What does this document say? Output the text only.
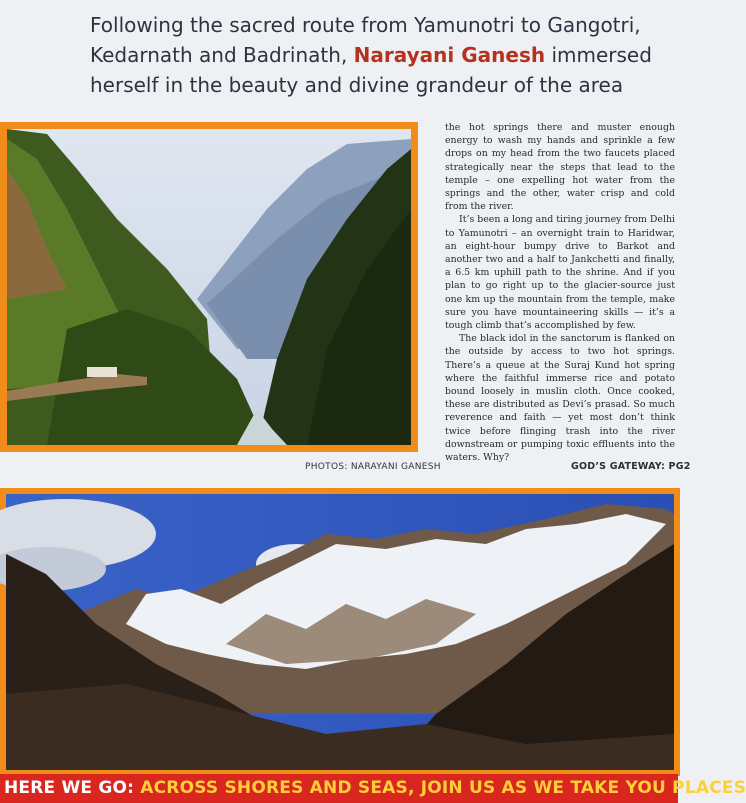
Following the sacred route from Yamunotri to Gangotri, Kedarnath and Badrinath, Narayani Ganesh immersed herself in the beauty and divine grandeur of the area
PHOTOS: NARAYANI GANESH

the hot springs there and muster enough energy to wash my hands and sprinkle a few drops on my head from the two faucets placed strategically near the steps that lead to the temple – one expelling hot water from the springs and the other, water crisp and cold from the river.

It’s been a long and tiring journey from Delhi to Yamunotri – an overnight train to Haridwar, an eight-hour bumpy drive to Barkot and another two and a half to Jankchetti and finally, a 6.5 km uphill path to the shrine. And if you plan to go right up to the glacier-source just one km up the mountain from the temple, make sure you have mountaineering skills — it’s a tough climb that’s accomplished by few.

The black idol in the sanctorum is flanked on the outside by access to two hot springs. There’s a queue at the Suraj Kund hot spring where the faithful immerse rice and potato bound loosely in muslin cloth. Once cooked, these are distributed as Devi’s prasad. So much reverence and faith — yet most don’t think twice before flinging trash into the river downstream or pumping toxic effluents into the waters. Why?

GOD’S GATEWAY: PG2
HERE WE GO: ACROSS SHORES AND SEAS, JOIN US AS WE TAKE YOU PLACES
